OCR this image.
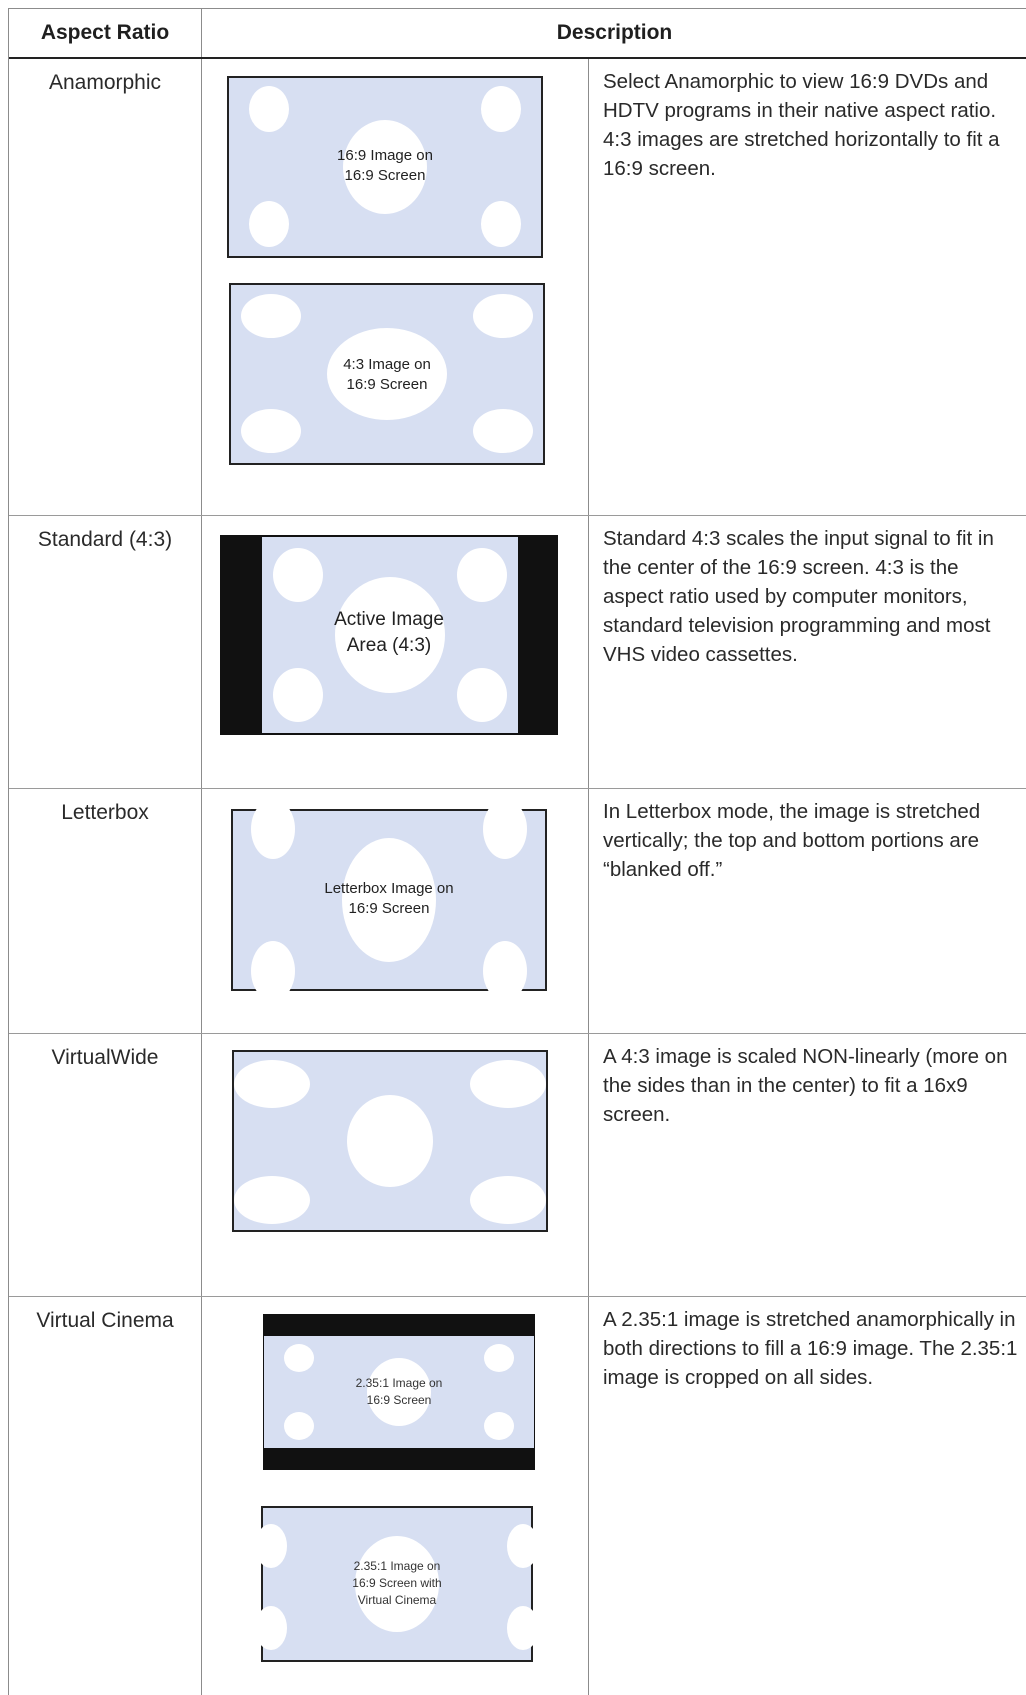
Aspect Ratio	Description
Anamorphic
16:9 Image on
16:9 Screen
4:3 Image on
16:9 Screen
Select Anamorphic to view 16:9 DVDs and HDTV programs in their native aspect ratio. 4:3 images are stretched horizontally to fit a 16:9 screen.
Standard (4:3)
Active Image
Area (4:3)
Standard 4:3 scales the input signal to fit in the center of the 16:9 screen. 4:3 is the aspect ratio used by computer monitors, standard television programming and most VHS video cassettes.
Letterbox
Letterbox Image on
16:9 Screen
In Letterbox mode, the image is stretched vertically; the top and bottom portions are “blanked off.”
VirtualWide	A 4:3 image is scaled NON-linearly (more on the sides than in the center) to fit a 16x9 screen.
Virtual Cinema
2.35:1 Image on
16:9 Screen
2.35:1 Image on
16:9 Screen with
Virtual Cinema
A 2.35:1 image is stretched anamorphically in both directions to fill a 16:9 image. The 2.35:1 image is cropped on all sides.
